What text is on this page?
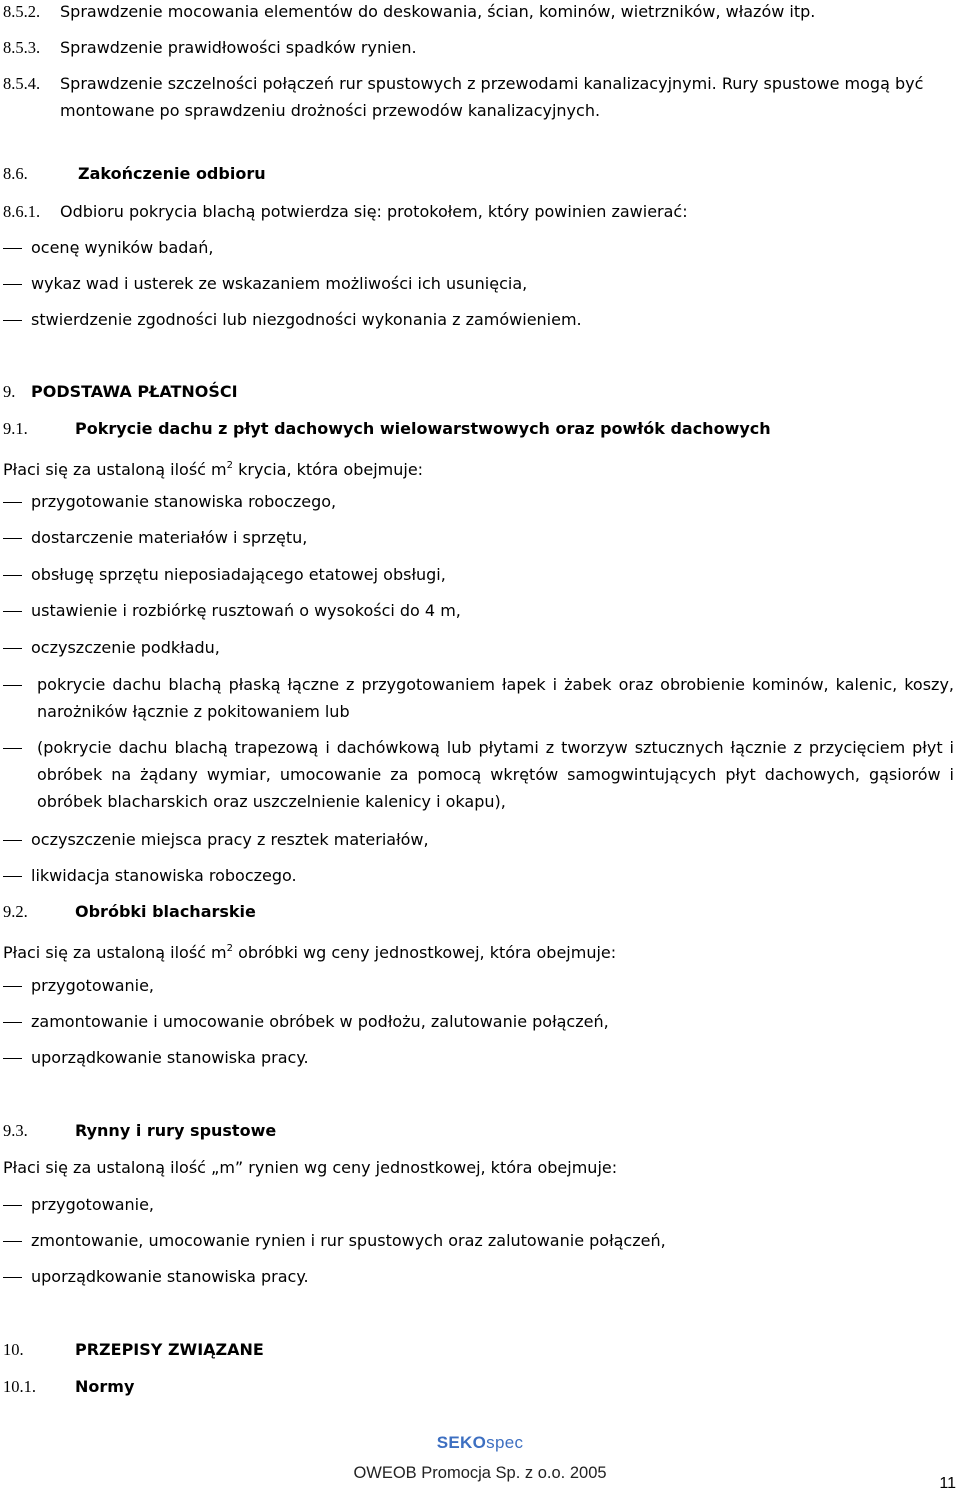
8.5.2. Sprawdzenie mocowania elementów do deskowania, ścian, kominów, wietrzników, włazów itp.
8.5.3. Sprawdzenie prawidłowości spadków rynien.
8.5.4. Sprawdzenie szczelności połączeń rur spustowych z przewodami kanalizacyjnymi. Rury spustowe mogą być
montowane po sprawdzeniu drożności przewodów kanalizacyjnych.
8.6.	Zakończenie odbioru
8.6.1. Odbioru pokrycia blachą potwierdza się: protokołem, który powinien zawierać:
ocenę wyników badań,
wykaz wad i usterek ze wskazaniem możliwości ich usunięcia,
stwierdzenie zgodności lub niezgodności wykonania z zamówieniem.
9. PODSTAWA PŁATNOŚCI
9.1.	Pokrycie dachu z płyt dachowych wielowarstwowych oraz powłók dachowych
Płaci się za ustaloną ilość $m^2$ krycia, która obejmuje:
przygotowanie stanowiska roboczego,
dostarczenie materiałów i sprzętu,
obsługę sprzętu nieposiadającego etatowej obsługi,
ustawienie i rozbiórkę rusztowań o wysokości do 4 m,
oczyszczenie podkładu,
pokrycie dachu blachą płaską łączne z przygotowaniem łapek i żabek oraz obrobienie kominów, kalenic, koszy,
narożników łącznie z pokitowaniem lub
(pokrycie dachu blachą trapezową i dachówkową lub płytami z tworzyw sztucznych łącznie z przycięciem płyt i
obróbek na żądany wymiar, umocowanie za pomocą wkrętów samogwintujących płyt dachowych, gąsiorów i
obróbek blacharskich oraz uszczelnienie kalenicy i okapu),
oczyszczenie miejsca pracy z resztek materiałów,
likwidacja stanowiska roboczego.
9.2.	Obróbki blacharskie
Płaci się za ustaloną ilość $m^2$ obróbki wg ceny jednostkowej, która obejmuje:
przygotowanie,
zamontowanie i umocowanie obróbek w podłożu, zalutowanie połączeń,
uporządkowanie stanowiska pracy.
9.3.	Rynny i rury spustowe
Płaci się za ustaloną ilość „m” rynien wg ceny jednostkowej, która obejmuje:
przygotowanie,
zmontowanie, umocowanie rynien i rur spustowych oraz zalutowanie połączeń,
uporządkowanie stanowiska pracy.
10.	PRZEPISY ZWIĄZANE
10.1. Normy
SEKOspec
OWEOB Promocja Sp. z o.o. 2005
11
